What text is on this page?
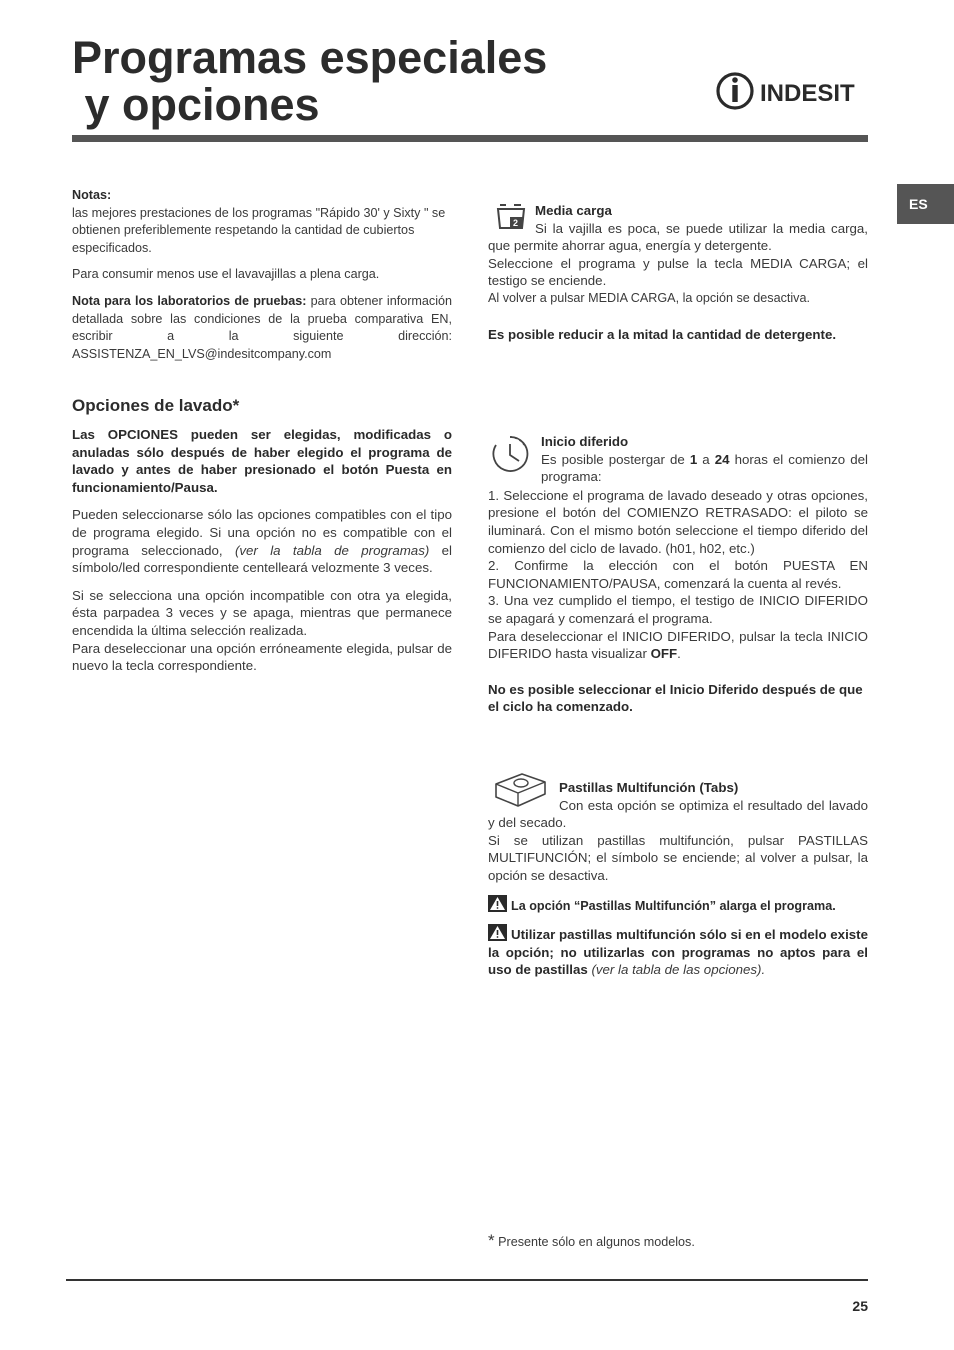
Programas especiales
y opciones	INDESIT
ES

Notas:

las mejores prestaciones de los programas "Rápido 30' y Sixty " se obtienen preferiblemente respetando la cantidad de cubiertos especificados.

Para consumir menos use el lavavajillas a plena carga.

Nota para los laboratorios de pruebas: para obtener información detallada sobre las condiciones de la prueba comparativa EN, escribir a la siguiente dirección: ASSISTENZA_EN_LVS@indesitcompany.com

Opciones de lavado*

Las OPCIONES pueden ser elegidas, modificadas o anuladas sólo después de haber elegido el programa de lavado y antes de haber presionado el botón Puesta en funcionamiento/Pausa.

Pueden seleccionarse sólo las opciones compatibles con el tipo de programa elegido. Si una opción no es compatible con el programa seleccionado, (ver la tabla de programas) el símbolo/led correspondiente centelleará velozmente 3 veces.

Si se selecciona una opción incompatible con otra ya elegida, ésta parpadea 3 veces y se apaga, mientras que permanece encendida la última selección realizada.

Para deseleccionar una opción erróneamente elegida, pulsar de nuevo la tecla correspondiente.

2

Media carga

Si la vajilla es poca, se puede utilizar la media carga, que permite ahorrar agua, energía y detergente.

Seleccione el programa y pulse la tecla MEDIA CARGA; el testigo se enciende.

Al volver a pulsar MEDIA CARGA, la opción se desactiva.

Es posible reducir a la mitad la cantidad de detergente.

Inicio diferido

Es posible postergar de 1 a 24 horas el comienzo del programa:

1. Seleccione el programa de lavado deseado y otras opciones, presione el botón del COMIENZO RETRASADO: el piloto se iluminará. Con el mismo botón seleccione el tiempo diferido del comienzo del ciclo de lavado. (h01, h02, etc.)

2. Confirme la elección con el botón PUESTA EN FUNCIONAMIENTO/PAUSA, comenzará la cuenta al revés.

3. Una vez cumplido el tiempo, el testigo de INICIO DIFERIDO se apagará y comenzará el programa.

Para deseleccionar el INICIO DIFERIDO, pulsar la tecla INICIO DIFERIDO hasta visualizar OFF.

No es posible seleccionar el Inicio Diferido después de que el ciclo ha comenzado.

Pastillas Multifunción (Tabs)

Con esta opción se optimiza el resultado del lavado y del secado.

Si se utilizan pastillas multifunción, pulsar PASTILLAS MULTIFUNCIÓN; el símbolo se enciende; al volver a pulsar, la opción se desactiva.

La opción “Pastillas Multifunción” alarga el programa.

Utilizar pastillas multifunción sólo si en el modelo existe la opción; no utilizarlas con programas no aptos para el uso de pastillas (ver la tabla de las opciones).

* Presente sólo en algunos modelos.

25
